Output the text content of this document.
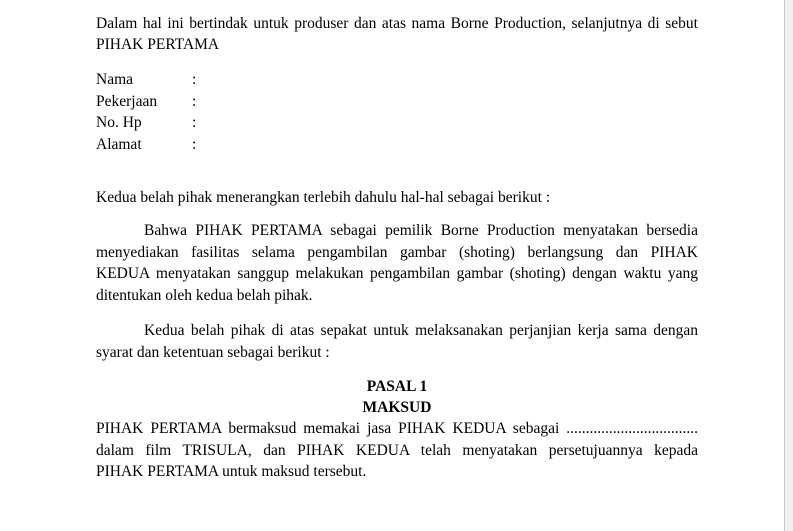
Dalam hal ini bertindak untuk produser dan atas nama Borne Production, selanjutnya di sebut

PIHAK PERTAMA

Nama	:
Pekerjaan	:
No. Hp	:
Alamat	:

Kedua belah pihak menerangkan terlebih dahulu hal-hal sebagai berikut :

Bahwa PIHAK PERTAMA sebagai pemilik Borne Production menyatakan bersedia

menyediakan fasilitas selama pengambilan gambar (shoting) berlangsung dan PIHAK

KEDUA menyatakan sanggup melakukan pengambilan gambar (shoting) dengan waktu yang

ditentukan oleh kedua belah pihak.

Kedua belah pihak di atas sepakat untuk melaksanakan perjanjian kerja sama dengan

syarat dan ketentuan sebagai berikut :

PASAL 1

MAKSUD

PIHAK PERTAMA bermaksud memakai jasa PIHAK KEDUA sebagai ..................................

dalam film TRISULA, dan PIHAK KEDUA telah menyatakan persetujuannya kepada

PIHAK PERTAMA untuk maksud tersebut.
